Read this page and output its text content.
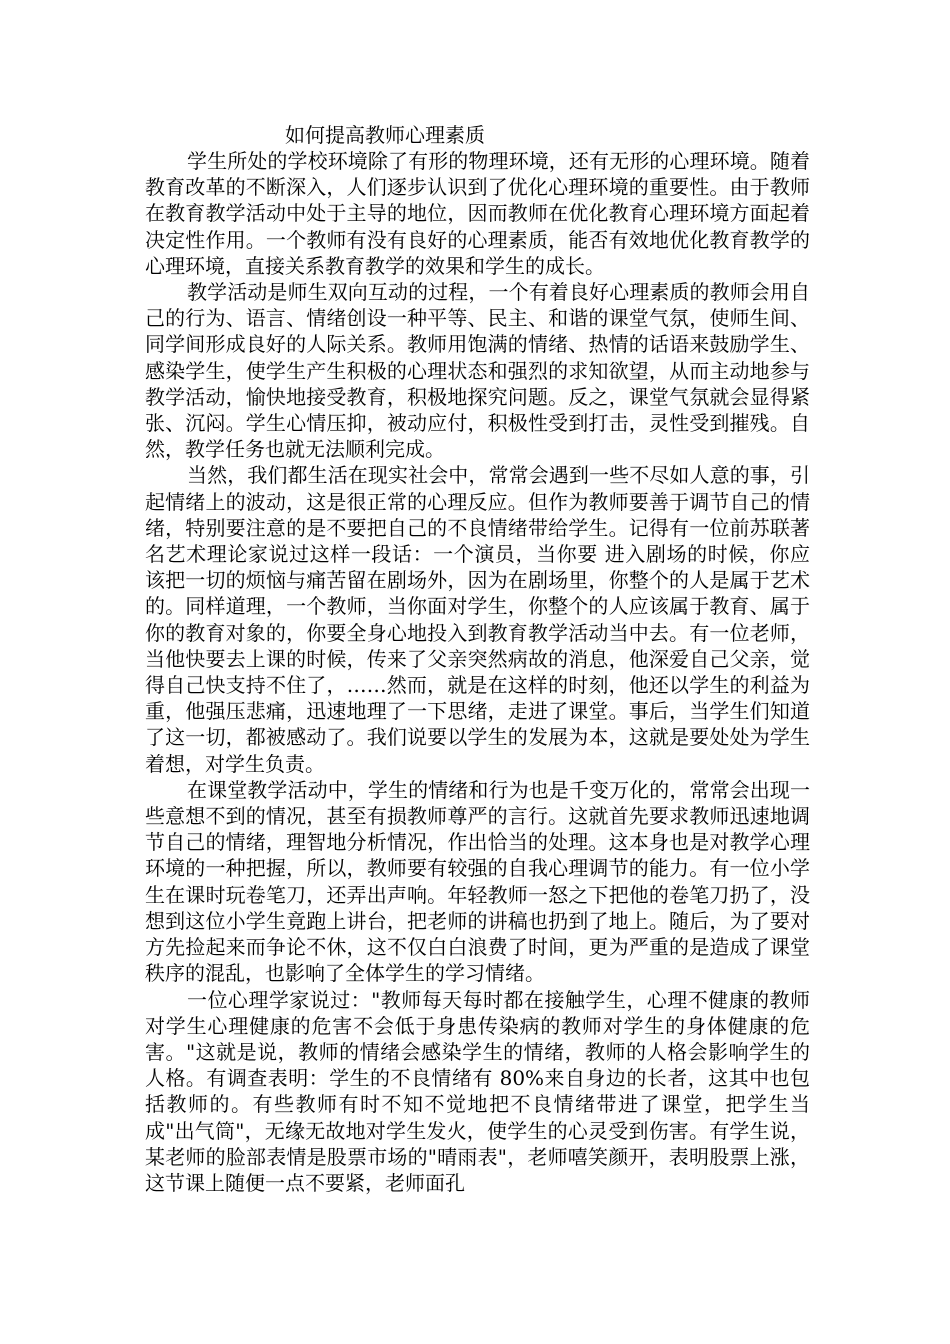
如何提高教师心理素质

学生所处的学校环境除了有形的物理环境，还有无形的心理环境。随着教育改革的不断深入，人们逐步认识到了优化心理环境的重要性。由于教师在教育教学活动中处于主导的地位，因而教师在优化教育心理环境方面起着决定性作用。一个教师有没有良好的心理素质，能否有效地优化教育教学的心理环境，直接关系教育教学的效果和学生的成长。

教学活动是师生双向互动的过程，一个有着良好心理素质的教师会用自己的行为、语言、情绪创设一种平等、民主、和谐的课堂气氛，使师生间、同学间形成良好的人际关系。教师用饱满的情绪、热情的话语来鼓励学生、感染学生，使学生产生积极的心理状态和强烈的求知欲望，从而主动地参与教学活动，愉快地接受教育，积极地探究问题。反之，课堂气氛就会显得紧张、沉闷。学生心情压抑，被动应付，积极性受到打击，灵性受到摧残。自然，教学任务也就无法顺利完成。

当然，我们都生活在现实社会中，常常会遇到一些不尽如人意的事，引起情绪上的波动，这是很正常的心理反应。但作为教师要善于调节自己的情绪，特别要注意的是不要把自己的不良情绪带给学生。记得有一位前苏联著名艺术理论家说过这样一段话：一个演员，当你要 进入剧场的时候，你应该把一切的烦恼与痛苦留在剧场外，因为在剧场里，你整个的人是属于艺术的。同样道理，一个教师，当你面对学生，你整个的人应该属于教育、属于你的教育对象的，你要全身心地投入到教育教学活动当中去。有一位老师，当他快要去上课的时候，传来了父亲突然病故的消息，他深爱自己父亲，觉得自己快支持不住了，……然而，就是在这样的时刻，他还以学生的利益为重，他强压悲痛，迅速地理了一下思绪，走进了课堂。事后，当学生们知道了这一切，都被感动了。我们说要以学生的发展为本，这就是要处处为学生着想，对学生负责。

在课堂教学活动中，学生的情绪和行为也是千变万化的，常常会出现一些意想不到的情况，甚至有损教师尊严的言行。这就首先要求教师迅速地调节自己的情绪，理智地分析情况，作出恰当的处理。这本身也是对教学心理环境的一种把握，所以，教师要有较强的自我心理调节的能力。有一位小学生在课时玩卷笔刀，还弄出声响。年轻教师一怒之下把他的卷笔刀扔了，没想到这位小学生竟跑上讲台，把老师的讲稿也扔到了地上。随后，为了要对方先捡起来而争论不休，这不仅白白浪费了时间，更为严重的是造成了课堂秩序的混乱，也影响了全体学生的学习情绪。

一位心理学家说过："教师每天每时都在接触学生，心理不健康的教师对学生心理健康的危害不会低于身患传染病的教师对学生的身体健康的危害。"这就是说，教师的情绪会感染学生的情绪，教师的人格会影响学生的人格。有调查表明：学生的不良情绪有 80%来自身边的长者，这其中也包括教师的。有些教师有时不知不觉地把不良情绪带进了课堂，把学生当成"出气筒"，无缘无故地对学生发火，使学生的心灵受到伤害。有学生说，某老师的脸部表情是股票市场的"晴雨表"，老师嘻笑颜开，表明股票上涨，这节课上随便一点不要紧，老师面孔
